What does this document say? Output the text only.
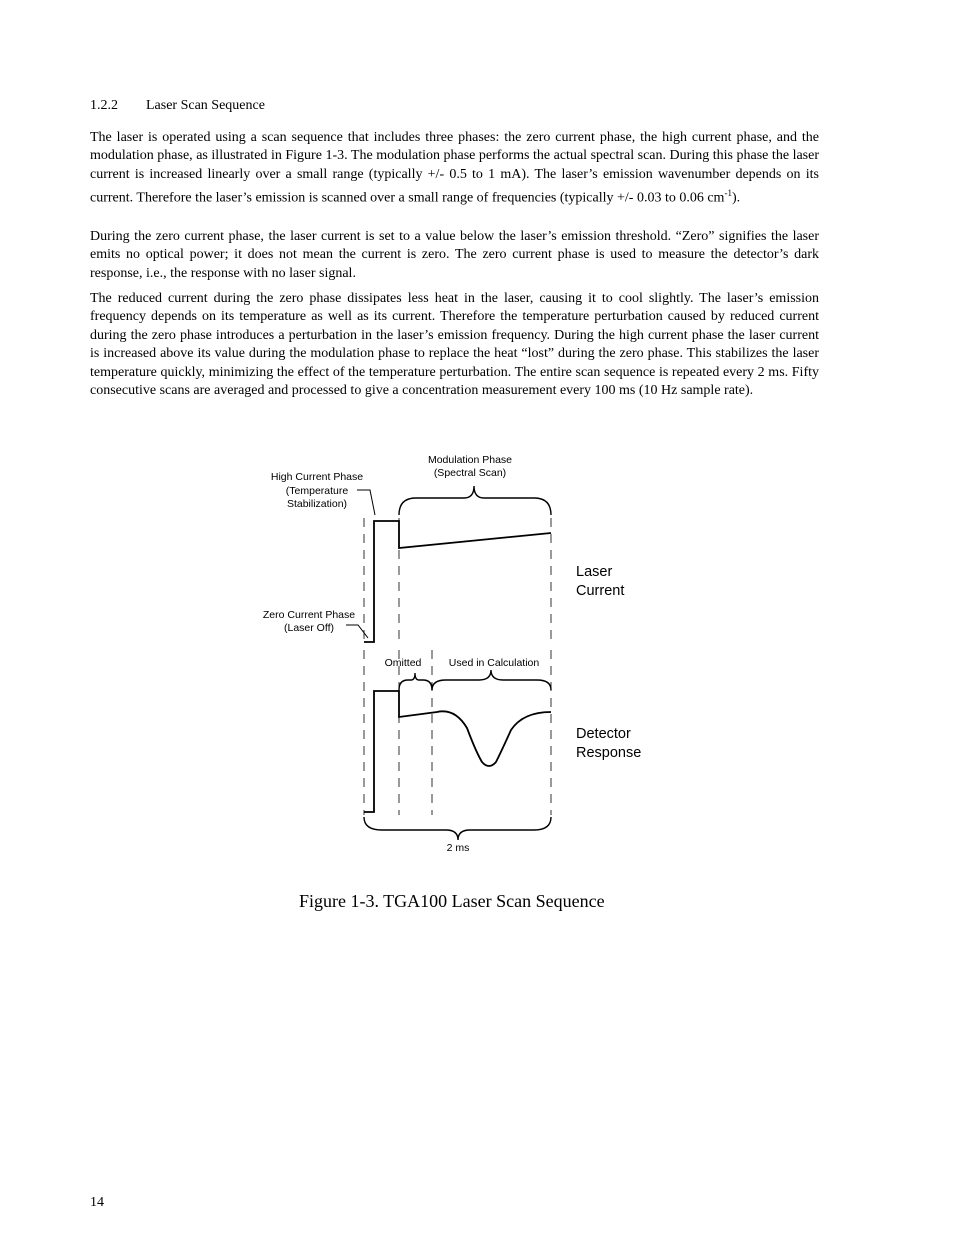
1.2.2 Laser Scan Sequence

The laser is operated using a scan sequence that includes three phases: the zero current phase, the high current phase, and the modulation phase, as illustrated in Figure 1-3. The modulation phase performs the actual spectral scan. During this phase the laser current is increased linearly over a small range (typically +/- 0.5 to 1 mA). The laser’s emission wavenumber depends on its current. Therefore the laser’s emission is scanned over a small range of frequencies (typically +/- 0.03 to 0.06 $cm^{-1}$).

During the zero current phase, the laser current is set to a value below the laser’s emission threshold. “Zero” signifies the laser emits no optical power; it does not mean the current is zero. The zero current phase is used to measure the detector’s dark response, i.e., the response with no laser signal.

The reduced current during the zero phase dissipates less heat in the laser, causing it to cool slightly. The laser’s emission frequency depends on its temperature as well as its current. Therefore the temperature perturbation caused by reduced current during the zero phase introduces a perturbation in the laser’s emission frequency. During the high current phase the laser current is increased above its value during the modulation phase to replace the heat “lost” during the zero phase. This stabilizes the laser temperature quickly, minimizing the effect of the temperature perturbation. The entire scan sequence is repeated every 2 ms. Fifty consecutive scans are averaged and processed to give a concentration measurement every 100 ms (10 Hz sample rate).

Modulation Phase
(Spectral Scan)
High Current Phase
(Temperature
Stabilization)
Zero Current Phase
(Laser Off)
Omitted	Used in Calculation
2 ms
Laser
Current
Detector
Response
Figure 1-3. TGA100 Laser Scan Sequence
14
